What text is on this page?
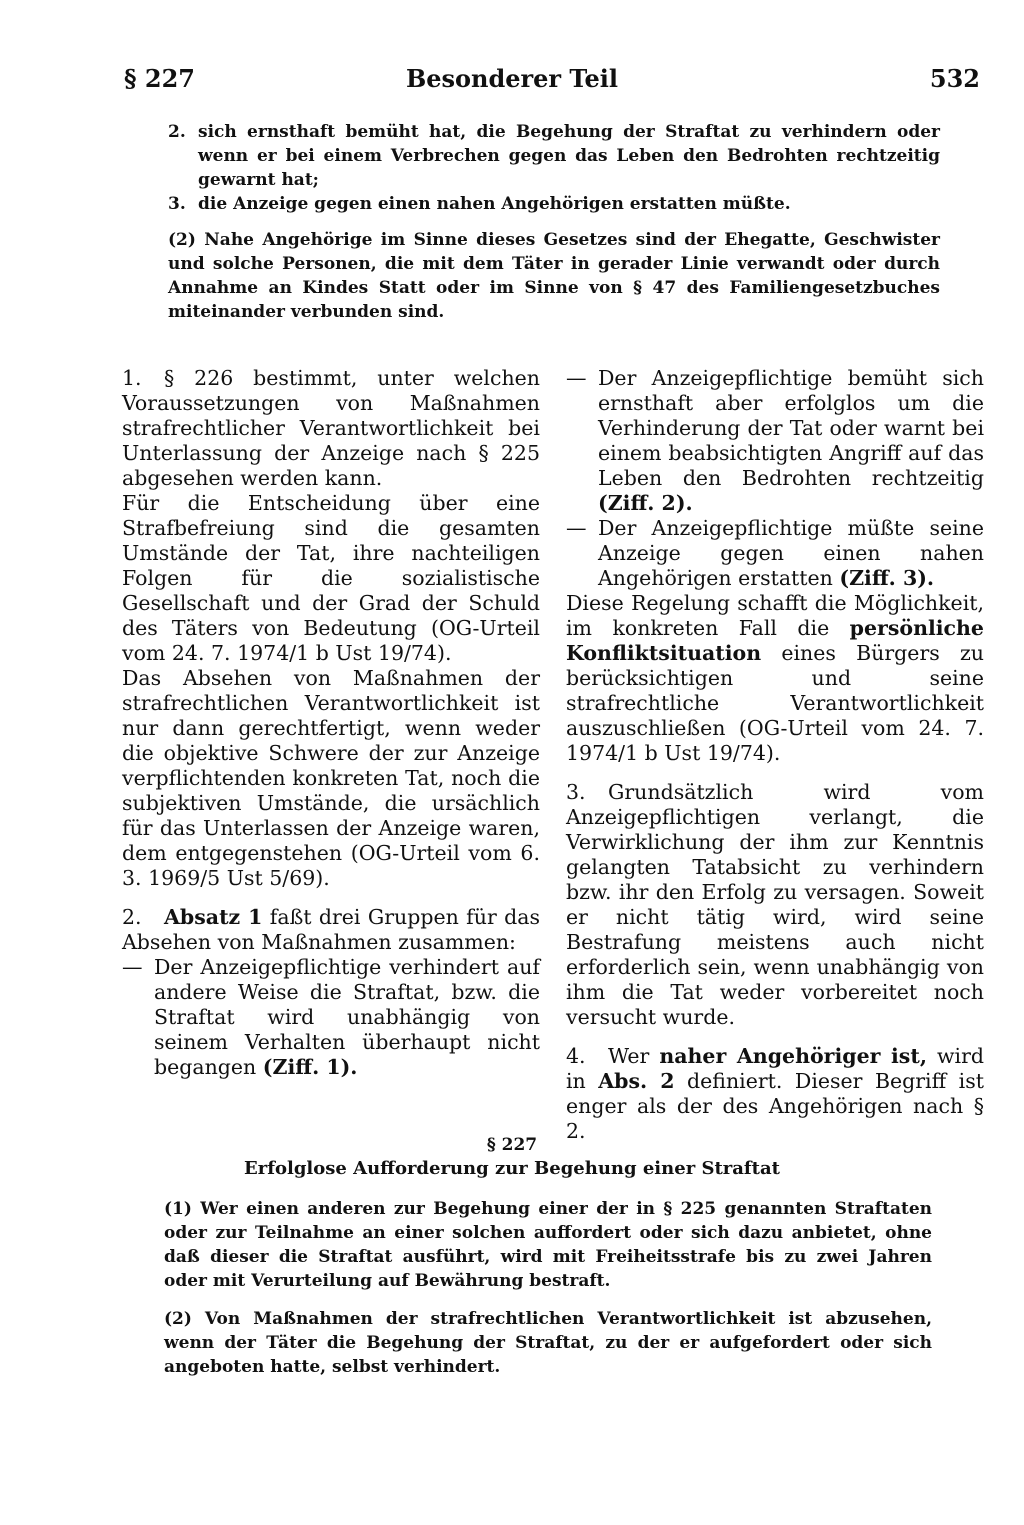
§ 227	Besonderer Teil	532
2. sich ernsthaft bemüht hat, die Begehung der Straftat zu verhindern oder wenn er bei einem Verbrechen gegen das Leben den Bedrohten rechtzeitig gewarnt hat;
3. die Anzeige gegen einen nahen Angehörigen erstatten müßte.

(2) Nahe Angehörige im Sinne dieses Gesetzes sind der Ehegatte, Geschwister und solche Personen, die mit dem Täter in gerader Linie verwandt oder durch Annahme an Kindes Statt oder im Sinne von § 47 des Familiengesetzbuches miteinander verbunden sind.

1. § 226 bestimmt, unter welchen Voraussetzungen von Maßnahmen strafrechtlicher Verantwortlichkeit bei Unterlassung der Anzeige nach § 225 abgesehen werden kann.

Für die Entscheidung über eine Strafbefreiung sind die gesamten Umstände der Tat, ihre nachteiligen Folgen für die sozialistische Gesellschaft und der Grad der Schuld des Täters von Bedeutung (OG-Urteil vom 24. 7. 1974/1 b Ust 19/74).

Das Absehen von Maßnahmen der strafrechtlichen Verantwortlichkeit ist nur dann gerechtfertigt, wenn weder die objektive Schwere der zur Anzeige verpflichtenden konkreten Tat, noch die subjektiven Umstände, die ursächlich für das Unterlassen der Anzeige waren, dem entgegenstehen (OG-Urteil vom 6. 3. 1969/5 Ust 5/69).

2. Absatz 1 faßt drei Gruppen für das Absehen von Maßnahmen zusammen:

— Der Anzeigepflichtige verhindert auf andere Weise die Straftat, bzw. die Straftat wird unabhängig von seinem Verhalten überhaupt nicht begangen (Ziff. 1).

— Der Anzeigepflichtige bemüht sich ernsthaft aber erfolglos um die Verhinderung der Tat oder warnt bei einem beabsichtigten Angriff auf das Leben den Bedrohten rechtzeitig (Ziff. 2).

— Der Anzeigepflichtige müßte seine Anzeige gegen einen nahen Angehörigen erstatten (Ziff. 3).

Diese Regelung schafft die Möglichkeit, im konkreten Fall die persönliche Konfliktsituation eines Bürgers zu berücksichtigen und seine strafrechtliche Verantwortlichkeit auszuschließen (OG-Urteil vom 24. 7. 1974/1 b Ust 19/74).

3. Grundsätzlich wird vom Anzeigepflichtigen verlangt, die Verwirklichung der ihm zur Kenntnis gelangten Tatabsicht zu verhindern bzw. ihr den Erfolg zu versagen. Soweit er nicht tätig wird, wird seine Bestrafung meistens auch nicht erforderlich sein, wenn unabhängig von ihm die Tat weder vorbereitet noch versucht wurde.

4. Wer naher Angehöriger ist, wird in Abs. 2 definiert. Dieser Begriff ist enger als der des Angehörigen nach § 2.

§ 227
Erfolglose Aufforderung zur Begehung einer Straftat

(1) Wer einen anderen zur Begehung einer der in § 225 genannten Straftaten oder zur Teilnahme an einer solchen auffordert oder sich dazu anbietet, ohne daß dieser die Straftat ausführt, wird mit Freiheitsstrafe bis zu zwei Jahren oder mit Verurteilung auf Bewährung bestraft.

(2) Von Maßnahmen der strafrechtlichen Verantwortlichkeit ist abzusehen, wenn der Täter die Begehung der Straftat, zu der er aufgefordert oder sich angeboten hatte, selbst verhindert.
